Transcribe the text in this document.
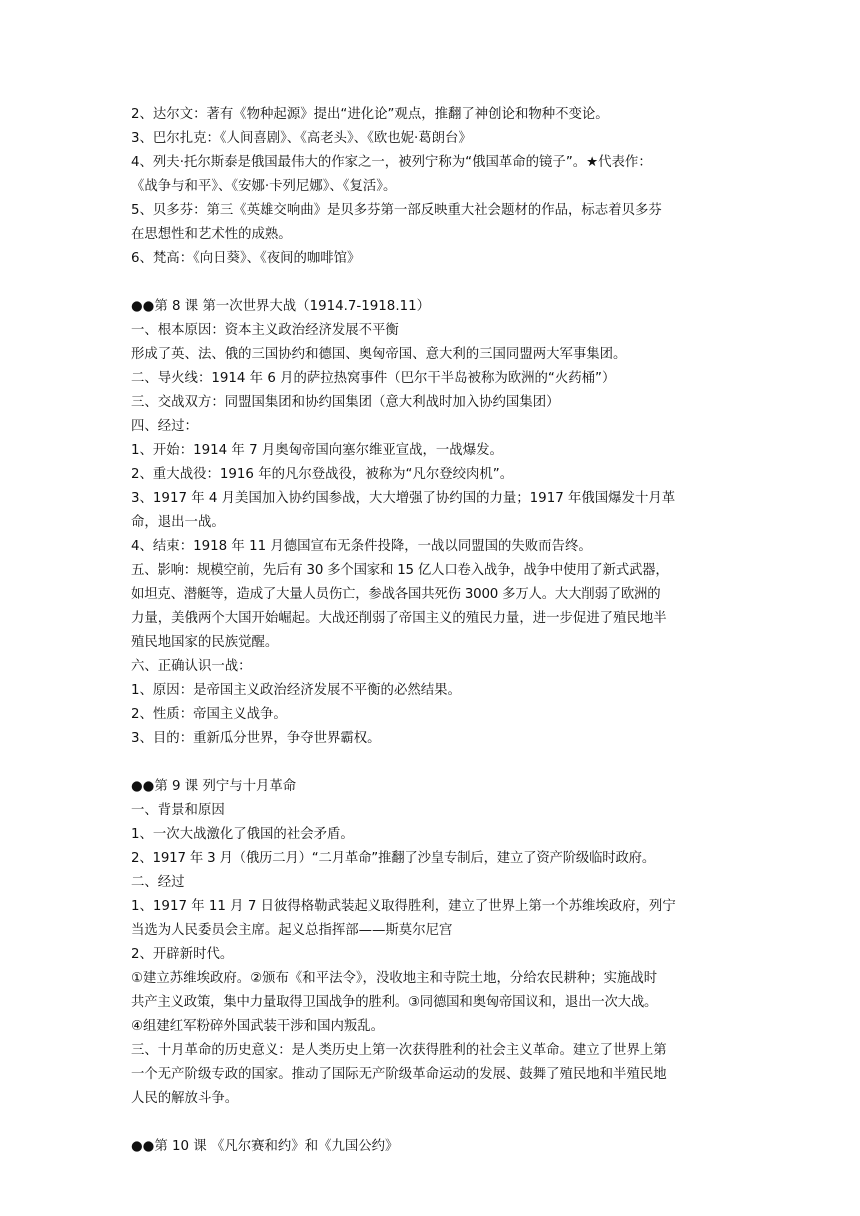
2、达尔文：著有《物种起源》提出“进化论”观点，推翻了神创论和物种不变论。
3、巴尔扎克：《人间喜剧》、《高老头》、《欧也妮·葛朗台》
4、列夫·托尔斯泰是俄国最伟大的作家之一，被列宁称为“俄国革命的镜子”。★代表作：
《战争与和平》、《安娜·卡列尼娜》、《复活》。
5、贝多芬：第三《英雄交响曲》是贝多芬第一部反映重大社会题材的作品，标志着贝多芬
在思想性和艺术性的成熟。
6、梵高：《向日葵》、《夜间的咖啡馆》
●●第 8 课 第一次世界大战（1914.7-1918.11）
一、根本原因：资本主义政治经济发展不平衡
形成了英、法、俄的三国协约和德国、奥匈帝国、意大利的三国同盟两大军事集团。
二、导火线：1914 年 6 月的萨拉热窝事件（巴尔干半岛被称为欧洲的“火药桶”）
三、交战双方：同盟国集团和协约国集团（意大利战时加入协约国集团）
四、经过：
1、开始：1914 年 7 月奥匈帝国向塞尔维亚宣战，一战爆发。
2、重大战役：1916 年的凡尔登战役，被称为“凡尔登绞肉机”。
3、1917 年 4 月美国加入协约国参战，大大增强了协约国的力量；1917 年俄国爆发十月革
命，退出一战。
4、结束：1918 年 11 月德国宣布无条件投降，一战以同盟国的失败而告终。
五、影响：规模空前，先后有 30 多个国家和 15 亿人口卷入战争，战争中使用了新式武器，
如坦克、潜艇等，造成了大量人员伤亡，参战各国共死伤 3000 多万人。大大削弱了欧洲的
力量，美俄两个大国开始崛起。大战还削弱了帝国主义的殖民力量，进一步促进了殖民地半
殖民地国家的民族觉醒。
六、正确认识一战：
1、原因：是帝国主义政治经济发展不平衡的必然结果。
2、性质：帝国主义战争。
3、目的：重新瓜分世界，争夺世界霸权。
●●第 9 课 列宁与十月革命
一、背景和原因
1、一次大战激化了俄国的社会矛盾。
2、1917 年 3 月（俄历二月）“二月革命”推翻了沙皇专制后，建立了资产阶级临时政府。
二、经过
1、1917 年 11 月 7 日彼得格勒武装起义取得胜利，建立了世界上第一个苏维埃政府，列宁
当选为人民委员会主席。起义总指挥部——斯莫尔尼宫
2、开辟新时代。
①建立苏维埃政府。②颁布《和平法令》，没收地主和寺院土地，分给农民耕种；实施战时
共产主义政策，集中力量取得卫国战争的胜利。③同德国和奥匈帝国议和，退出一次大战。
④组建红军粉碎外国武装干涉和国内叛乱。
三、十月革命的历史意义：是人类历史上第一次获得胜利的社会主义革命。建立了世界上第
一个无产阶级专政的国家。推动了国际无产阶级革命运动的发展、鼓舞了殖民地和半殖民地
人民的解放斗争。
●●第 10 课 《凡尔赛和约》和《九国公约》
